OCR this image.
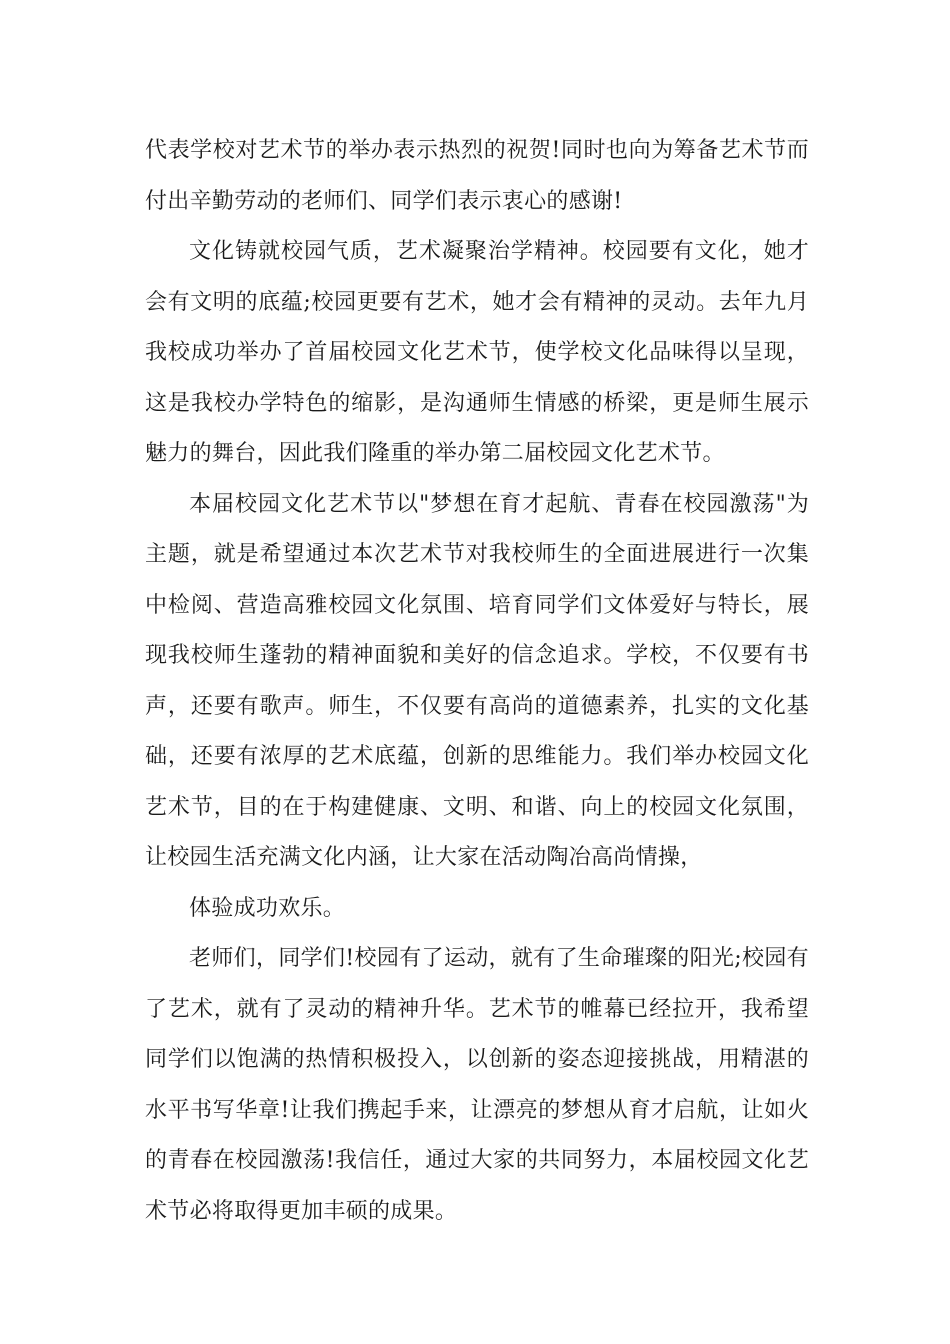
代表学校对艺术节的举办表示热烈的祝贺!同时也向为筹备艺术节而付出辛勤劳动的老师们、同学们表示衷心的感谢!

文化铸就校园气质，艺术凝聚治学精神。校园要有文化，她才会有文明的底蕴;校园更要有艺术，她才会有精神的灵动。去年九月我校成功举办了首届校园文化艺术节，使学校文化品味得以呈现，这是我校办学特色的缩影，是沟通师生情感的桥梁，更是师生展示魅力的舞台，因此我们隆重的举办第二届校园文化艺术节。

本届校园文化艺术节以"梦想在育才起航、青春在校园激荡"为主题，就是希望通过本次艺术节对我校师生的全面进展进行一次集中检阅、营造高雅校园文化氛围、培育同学们文体爱好与特长，展现我校师生蓬勃的精神面貌和美好的信念追求。学校，不仅要有书声，还要有歌声。师生，不仅要有高尚的道德素养，扎实的文化基础，还要有浓厚的艺术底蕴，创新的思维能力。我们举办校园文化艺术节，目的在于构建健康、文明、和谐、向上的校园文化氛围，让校园生活充满文化内涵，让大家在活动陶冶高尚情操，

体验成功欢乐。

老师们，同学们!校园有了运动，就有了生命璀璨的阳光;校园有了艺术，就有了灵动的精神升华。艺术节的帷幕已经拉开，我希望同学们以饱满的热情积极投入，以创新的姿态迎接挑战，用精湛的水平书写华章!让我们携起手来，让漂亮的梦想从育才启航，让如火的青春在校园激荡!我信任，通过大家的共同努力，本届校园文化艺术节必将取得更加丰硕的成果。
